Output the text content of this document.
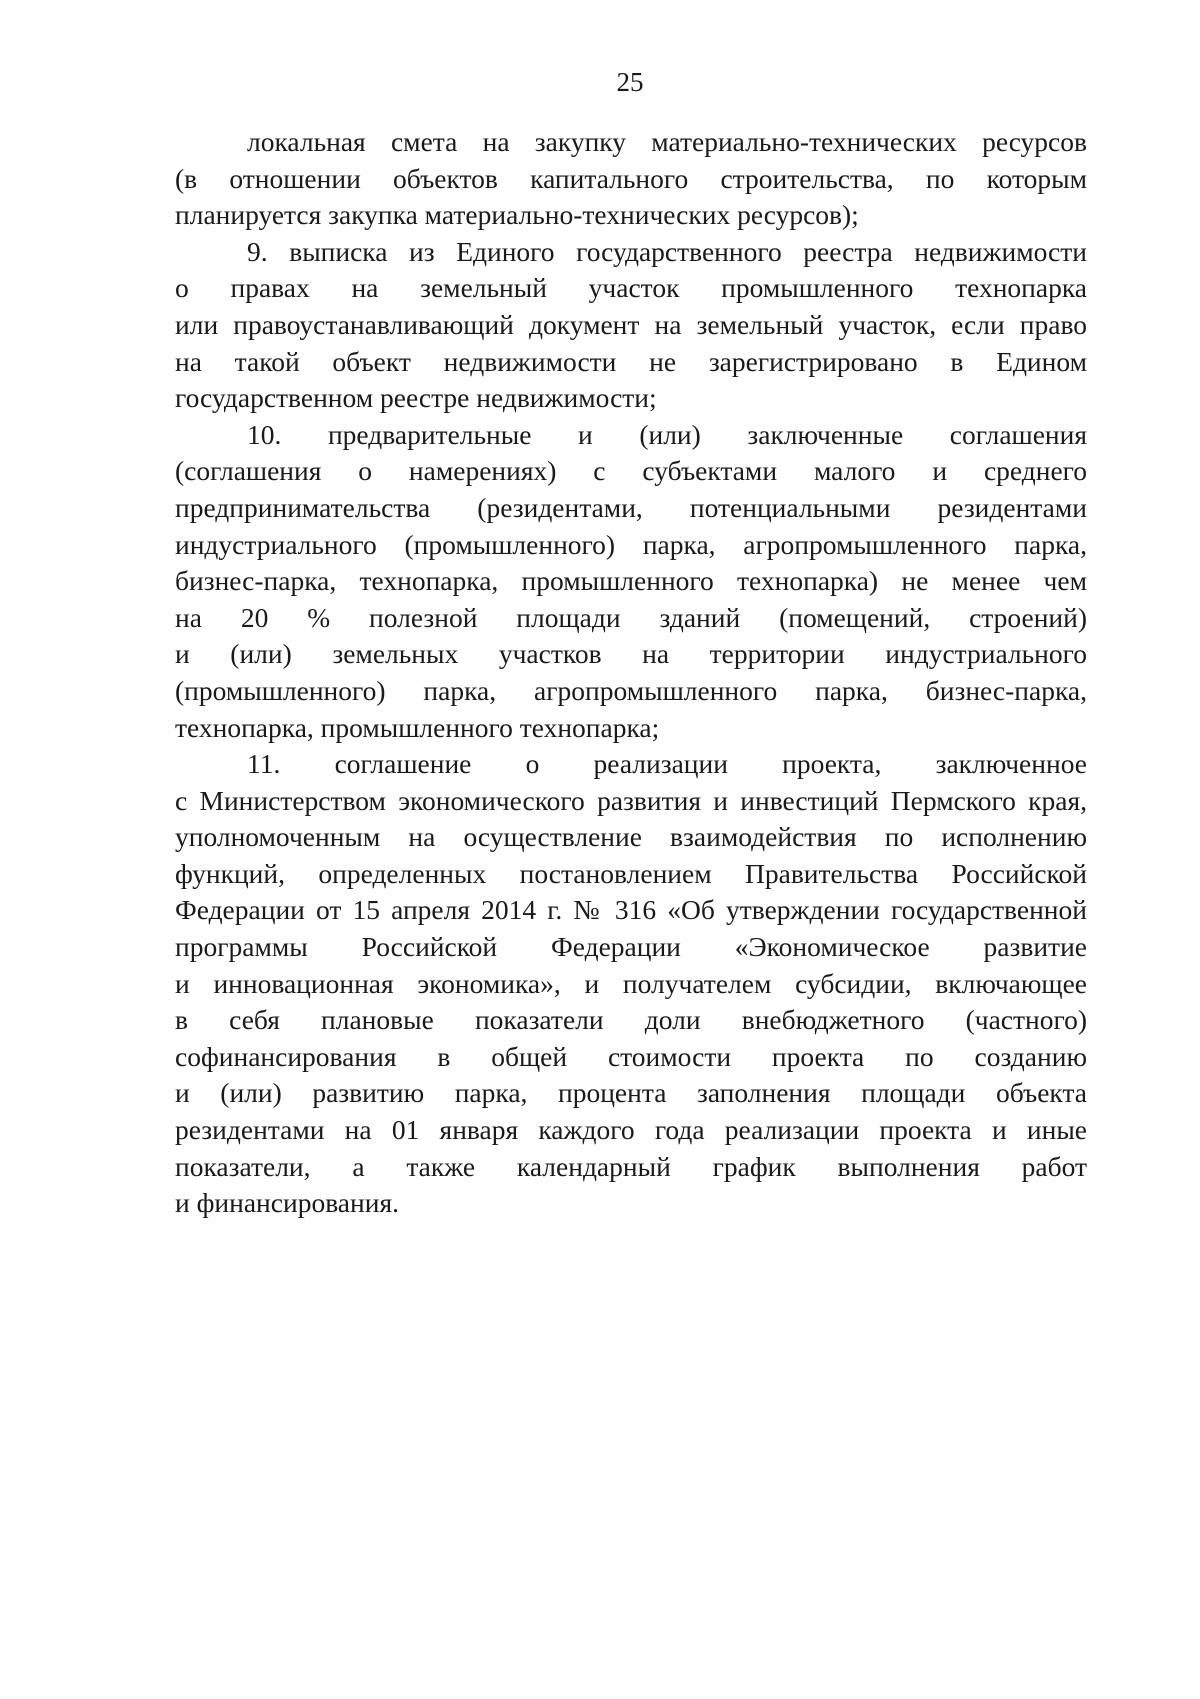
25
локальная смета на закупку материально-технических ресурсов
(в отношении объектов капитального строительства, по которым
планируется закупка материально-технических ресурсов);
9. выписка из Единого государственного реестра недвижимости
о правах на земельный участок промышленного технопарка
или правоустанавливающий документ на земельный участок, если право
на такой объект недвижимости не зарегистрировано в Едином
государственном реестре недвижимости;
10. предварительные и (или) заключенные соглашения
(соглашения о намерениях) с субъектами малого и среднего
предпринимательства (резидентами, потенциальными резидентами
индустриального (промышленного) парка, агропромышленного парка,
бизнес-парка, технопарка, промышленного технопарка) не менее чем
на 20 % полезной площади зданий (помещений, строений)
и (или) земельных участков на территории индустриального
(промышленного) парка, агропромышленного парка, бизнес-парка,
технопарка, промышленного технопарка;
11. соглашение о реализации проекта, заключенное
с Министерством экономического развития и инвестиций Пермского края,
уполномоченным на осуществление взаимодействия по исполнению
функций, определенных постановлением Правительства Российской
Федерации от 15 апреля 2014 г. № 316 «Об утверждении государственной
программы Российской Федерации «Экономическое развитие
и инновационная экономика», и получателем субсидии, включающее
в себя плановые показатели доли внебюджетного (частного)
софинансирования в общей стоимости проекта по созданию
и (или) развитию парка, процента заполнения площади объекта
резидентами на 01 января каждого года реализации проекта и иные
показатели, а также календарный график выполнения работ
и финансирования.
